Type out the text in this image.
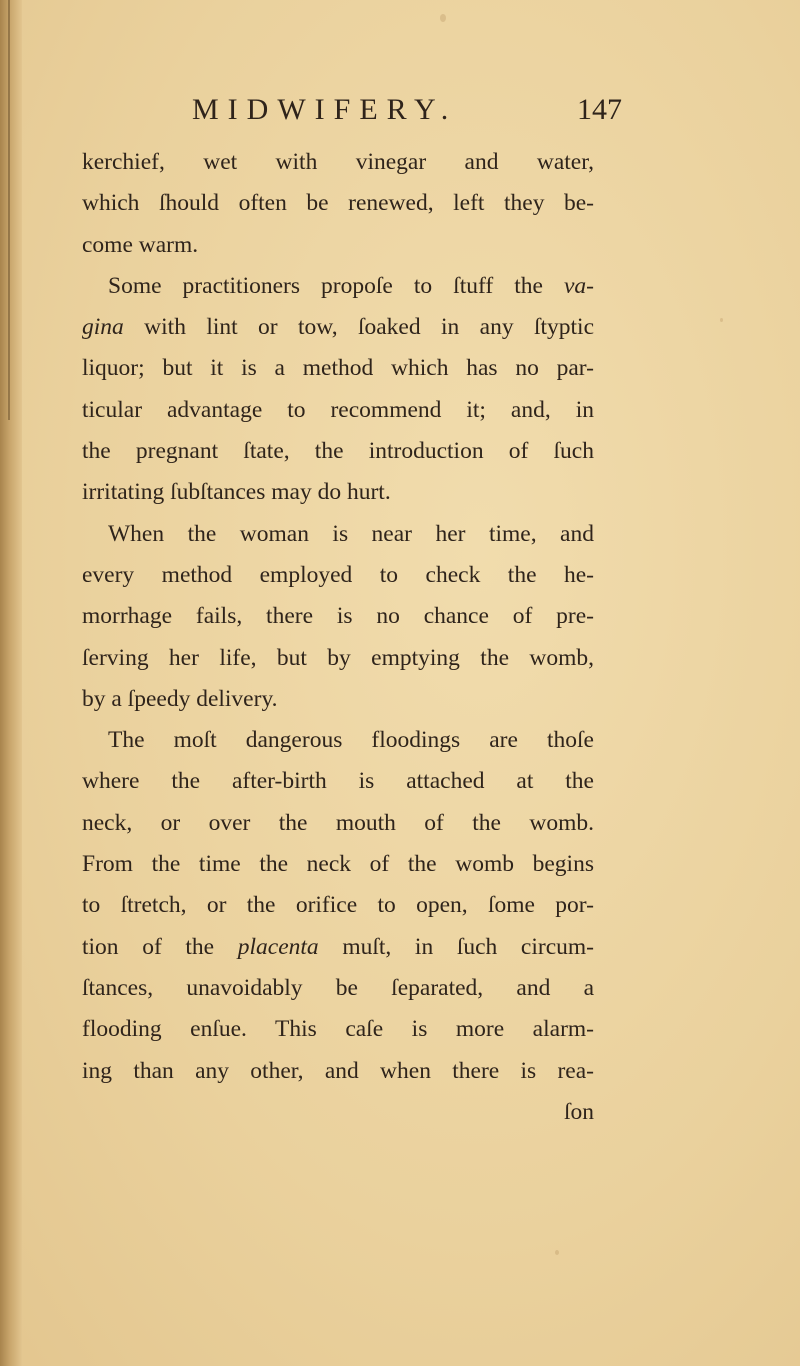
MIDWIFERY.	147
kerchief, wet with vinegar and water,
which ſhould often be renewed, left they be-
come warm.
Some practitioners propoſe to ſtuff the va-
gina with lint or tow, ſoaked in any ſtyptic
liquor; but it is a method which has no par-
ticular advantage to recommend it; and, in
the pregnant ſtate, the introduction of ſuch
irritating ſubſtances may do hurt.
When the woman is near her time, and
every method employed to check the he-
morrhage fails, there is no chance of pre-
ſerving her life, but by emptying the womb,
by a ſpeedy delivery.
The moſt dangerous floodings are thoſe
where the after-birth is attached at the
neck, or over the mouth of the womb.
From the time the neck of the womb begins
to ſtretch, or the orifice to open, ſome por-
tion of the placenta muſt, in ſuch circum-
ſtances, unavoidably be ſeparated, and a
flooding enſue. This caſe is more alarm-
ing than any other, and when there is rea-
ſon
